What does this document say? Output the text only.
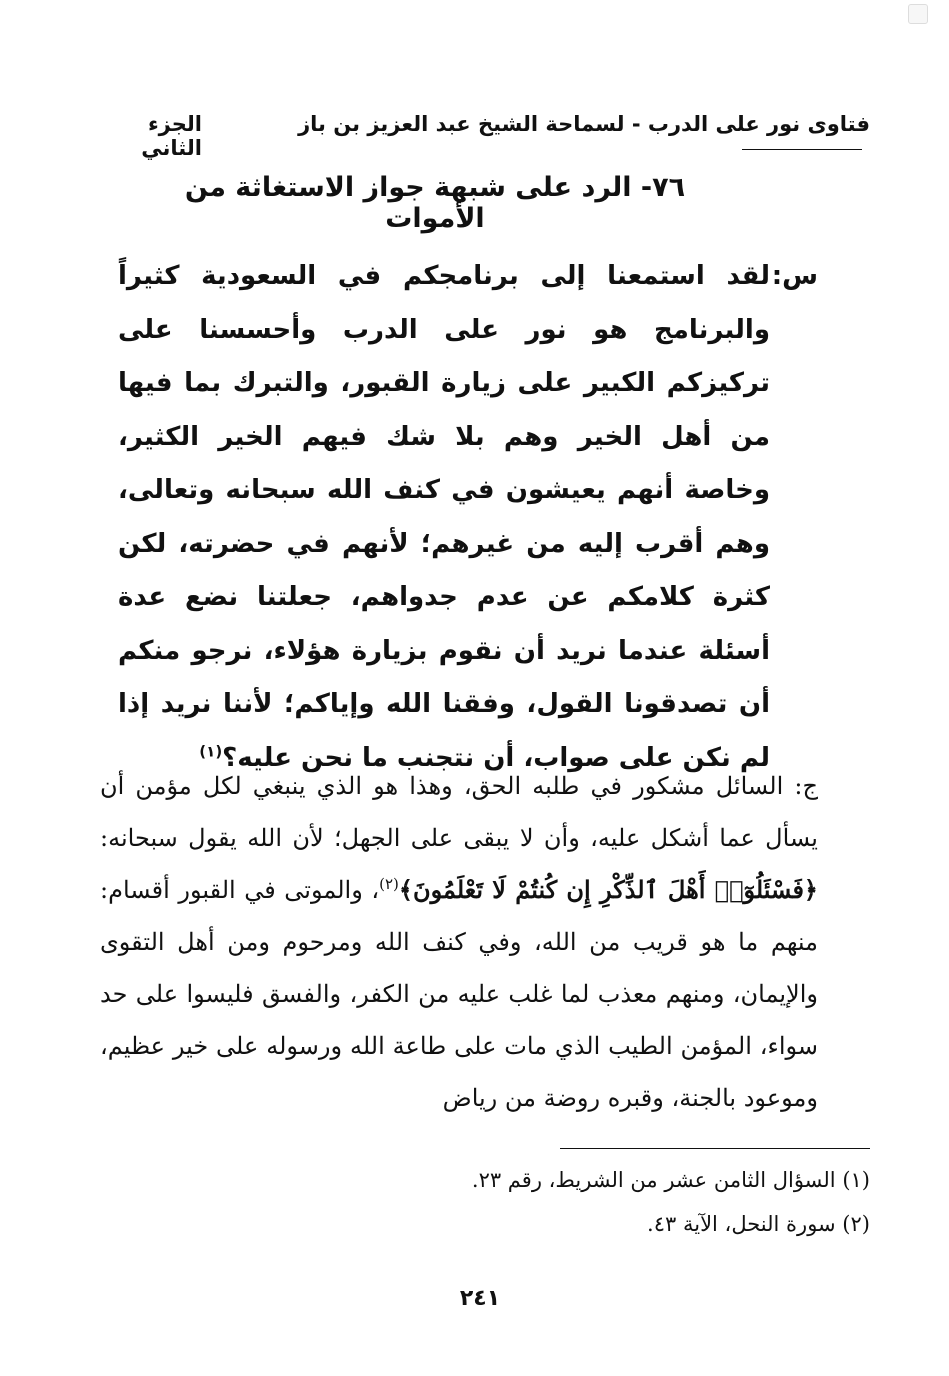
فتاوى نور على الدرب - لسماحة الشيخ عبد العزيز بن باز
الجزء الثاني
٧٦- الرد على شبهة جواز الاستغاثة من الأموات
س:
لقد استمعنا إلى برنامجكم في السعودية كثيراً والبرنامج هو نور على الدرب وأحسسنا على تركيزكم الكبير على زيارة القبور، والتبرك بما فيها من أهل الخير وهم بلا شك فيهم الخير الكثير، وخاصة أنهم يعيشون في كنف الله سبحانه وتعالى، وهم أقرب إليه من غيرهم؛ لأنهم في حضرته، لكن كثرة كلامكم عن عدم جدواهم، جعلتنا نضع عدة أسئلة عندما نريد أن نقوم بزيارة هؤلاء، نرجو منكم أن تصدقونا القول، وفقنا الله وإياكم؛ لأننا نريد إذا لم نكن على صواب، أن نتجنب ما نحن عليه؟$^{(١)}$
ج: السائل مشكور في طلبه الحق، وهذا هو الذي ينبغي لكل مؤمن أن يسأل عما أشكل عليه، وأن لا يبقى على الجهل؛ لأن الله يقول سبحانه: ﴿فَسْئَلُوٓا۟ أَهْلَ ٱلذِّكْرِ إِن كُنتُمْ لَا تَعْلَمُونَ﴾$^{(٢)}$، والموتى في القبور أقسام: منهم ما هو قريب من الله، وفي كنف الله ومرحوم ومن أهل التقوى والإيمان، ومنهم معذب لما غلب عليه من الكفر، والفسق فليسوا على حد سواء، المؤمن الطيب الذي مات على طاعة الله ورسوله على خير عظيم، وموعود بالجنة، وقبره روضة من رياض
(١) السؤال الثامن عشر من الشريط، رقم ٢٣.
(٢) سورة النحل، الآية ٤٣.
٢٤١
